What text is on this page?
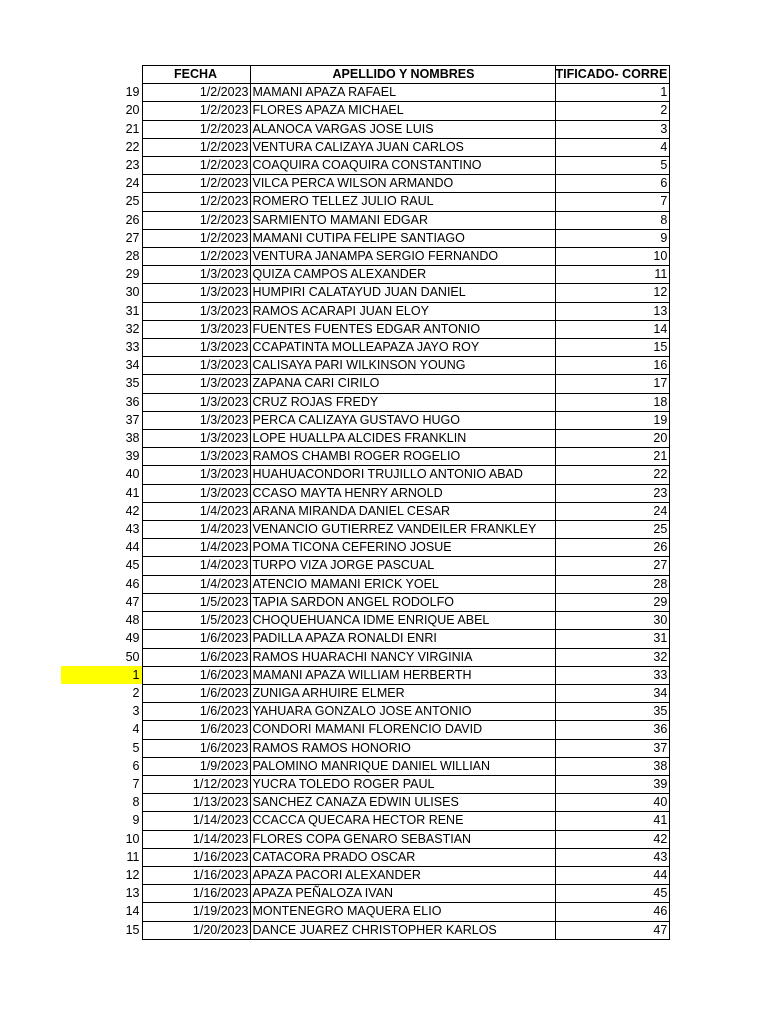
	FECHA	APELLIDO Y NOMBRES	TIFICADO- CORRE
19	1/2/2023	MAMANI APAZA RAFAEL	1
20	1/2/2023	FLORES APAZA MICHAEL	2
21	1/2/2023	ALANOCA VARGAS JOSE LUIS	3
22	1/2/2023	VENTURA CALIZAYA JUAN CARLOS	4
23	1/2/2023	COAQUIRA COAQUIRA CONSTANTINO	5
24	1/2/2023	VILCA PERCA WILSON ARMANDO	6
25	1/2/2023	ROMERO TELLEZ JULIO RAUL	7
26	1/2/2023	SARMIENTO MAMANI EDGAR	8
27	1/2/2023	MAMANI CUTIPA FELIPE SANTIAGO	9
28	1/2/2023	VENTURA JANAMPA SERGIO FERNANDO	10
29	1/3/2023	QUIZA CAMPOS ALEXANDER	11
30	1/3/2023	HUMPIRI CALATAYUD JUAN DANIEL	12
31	1/3/2023	RAMOS ACARAPI JUAN ELOY	13
32	1/3/2023	FUENTES FUENTES EDGAR ANTONIO	14
33	1/3/2023	CCAPATINTA MOLLEAPAZA JAYO ROY	15
34	1/3/2023	CALISAYA PARI WILKINSON YOUNG	16
35	1/3/2023	ZAPANA CARI CIRILO	17
36	1/3/2023	CRUZ ROJAS FREDY	18
37	1/3/2023	PERCA CALIZAYA GUSTAVO HUGO	19
38	1/3/2023	LOPE HUALLPA ALCIDES FRANKLIN	20
39	1/3/2023	RAMOS CHAMBI ROGER ROGELIO	21
40	1/3/2023	HUAHUACONDORI TRUJILLO ANTONIO ABAD	22
41	1/3/2023	CCASO MAYTA HENRY ARNOLD	23
42	1/4/2023	ARANA MIRANDA DANIEL CESAR	24
43	1/4/2023	VENANCIO GUTIERREZ VANDEILER FRANKLEY	25
44	1/4/2023	POMA TICONA CEFERINO JOSUE	26
45	1/4/2023	TURPO VIZA JORGE PASCUAL	27
46	1/4/2023	ATENCIO MAMANI ERICK YOEL	28
47	1/5/2023	TAPIA SARDON ANGEL RODOLFO	29
48	1/5/2023	CHOQUEHUANCA IDME ENRIQUE ABEL	30
49	1/6/2023	PADILLA APAZA RONALDI ENRI	31
50	1/6/2023	RAMOS HUARACHI NANCY VIRGINIA	32
1	1/6/2023	MAMANI APAZA WILLIAM HERBERTH	33
2	1/6/2023	ZUNIGA ARHUIRE ELMER	34
3	1/6/2023	YAHUARA GONZALO JOSE ANTONIO	35
4	1/6/2023	CONDORI MAMANI FLORENCIO DAVID	36
5	1/6/2023	RAMOS RAMOS HONORIO	37
6	1/9/2023	PALOMINO MANRIQUE DANIEL WILLIAN	38
7	1/12/2023	YUCRA TOLEDO ROGER PAUL	39
8	1/13/2023	SANCHEZ CANAZA EDWIN ULISES	40
9	1/14/2023	CCACCA QUECARA HECTOR RENE	41
10	1/14/2023	FLORES COPA GENARO SEBASTIAN	42
11	1/16/2023	CATACORA PRADO OSCAR	43
12	1/16/2023	APAZA PACORI ALEXANDER	44
13	1/16/2023	APAZA PEÑALOZA IVAN	45
14	1/19/2023	MONTENEGRO MAQUERA ELIO	46
15	1/20/2023	DANCE JUAREZ CHRISTOPHER KARLOS	47
